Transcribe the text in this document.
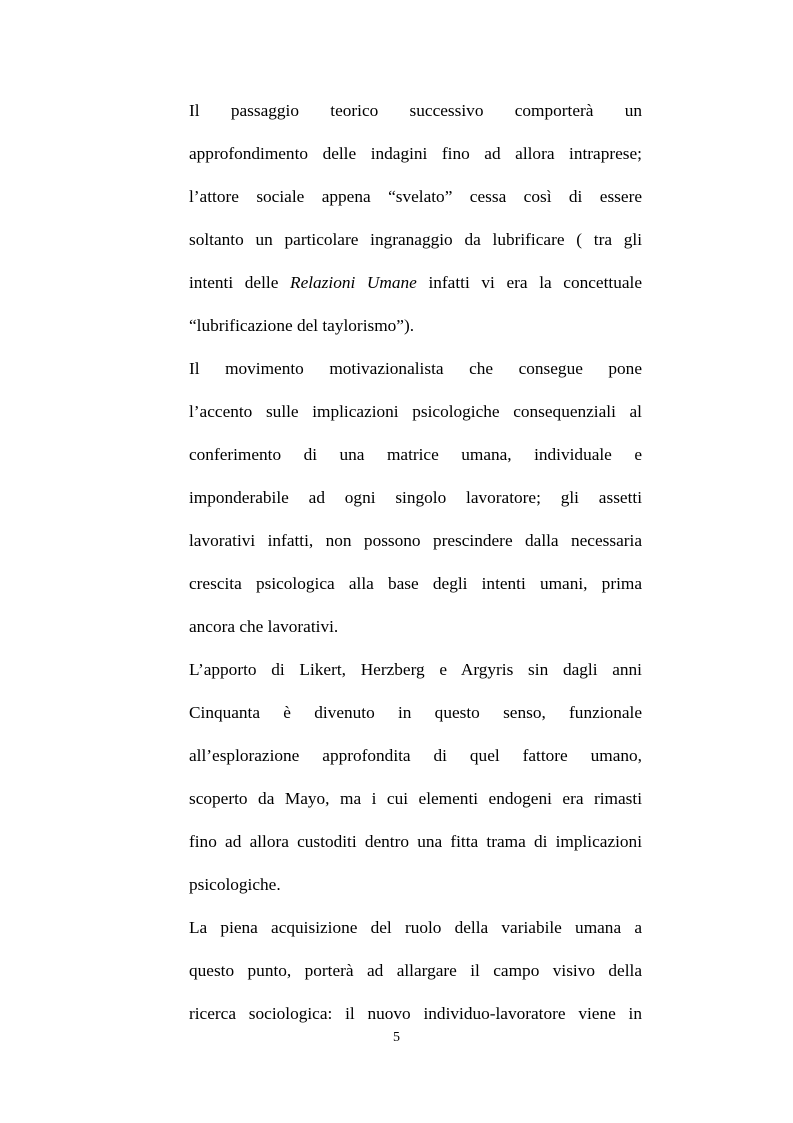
Il passaggio teorico successivo comporterà un
approfondimento delle indagini fino ad allora intraprese;
l’attore sociale appena “svelato” cessa così di essere
soltanto un particolare ingranaggio da lubrificare ( tra gli
intenti delle Relazioni Umane infatti vi era la concettuale
“lubrificazione del taylorismo”).
Il movimento motivazionalista che consegue pone
l’accento sulle implicazioni psicologiche consequenziali al
conferimento di una matrice umana, individuale e
imponderabile ad ogni singolo lavoratore; gli assetti
lavorativi infatti, non possono prescindere dalla necessaria
crescita psicologica alla base degli intenti umani, prima
ancora che lavorativi.
L’apporto di Likert, Herzberg e Argyris sin dagli anni
Cinquanta è divenuto in questo senso, funzionale
all’esplorazione approfondita di quel fattore umano,
scoperto da Mayo, ma i cui elementi endogeni era rimasti
fino ad allora custoditi dentro una fitta trama di implicazioni
psicologiche.
La piena acquisizione del ruolo della variabile umana a
questo punto, porterà ad allargare il campo visivo della
ricerca sociologica: il nuovo individuo-lavoratore viene in
5
